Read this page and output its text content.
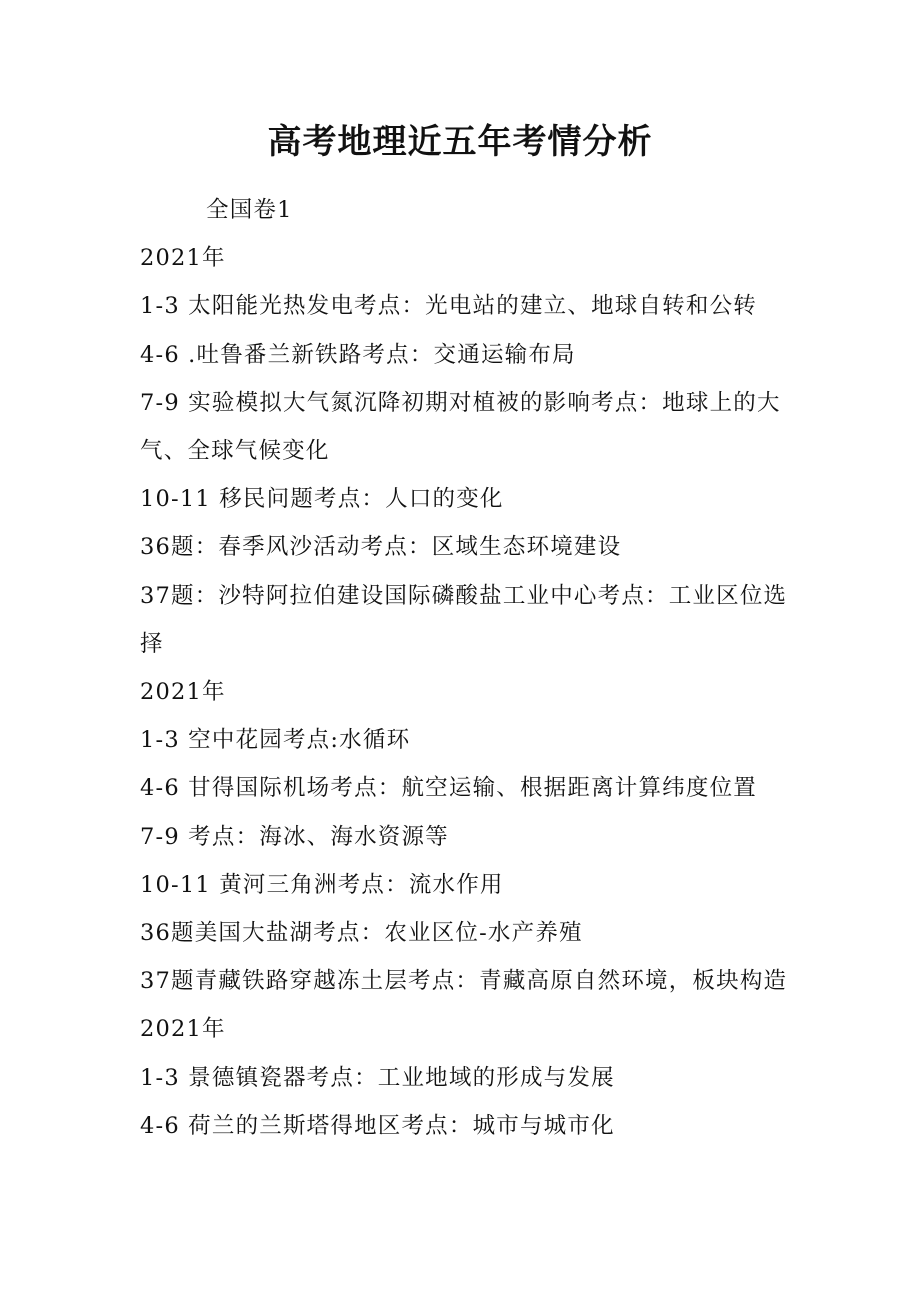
高考地理近五年考情分析

全国卷1

2021年

1-3 太阳能光热发电考点：光电站的建立、地球自转和公转

4-6 .吐鲁番兰新铁路考点：交通运输布局

7-9 实验模拟大气氮沉降初期对植被的影响考点：地球上的大气、全球气候变化

10-11 移民问题考点：人口的变化

36题：春季风沙活动考点：区域生态环境建设

37题：沙特阿拉伯建设国际磷酸盐工业中心考点：工业区位选择

2021年

1-3 空中花园考点:水循环

4-6 甘得国际机场考点：航空运输、根据距离计算纬度位置

7-9 考点：海冰、海水资源等

10-11 黄河三角洲考点：流水作用

36题美国大盐湖考点：农业区位-水产养殖

37题青藏铁路穿越冻土层考点：青藏高原自然环境，板块构造

2021年

1-3 景德镇瓷器考点：工业地域的形成与发展

4-6 荷兰的兰斯塔得地区考点：城市与城市化
